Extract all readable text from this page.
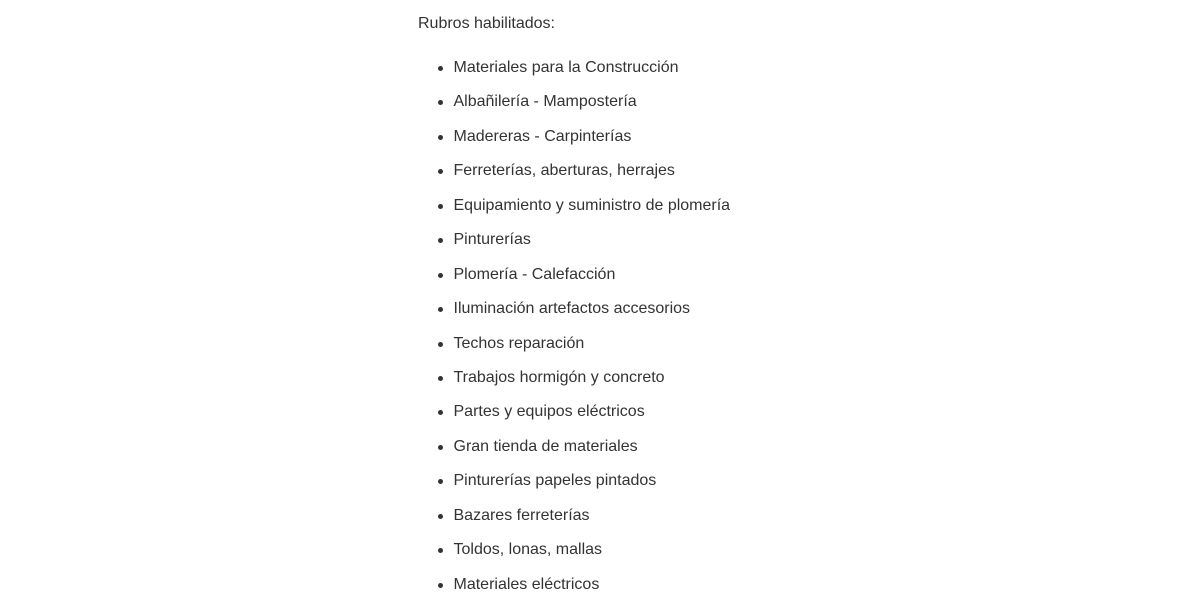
Rubros habilitados:

Materiales para la Construcción
Albañilería - Mampostería
Madereras - Carpinterías
Ferreterías, aberturas, herrajes
Equipamiento y suministro de plomería
Pinturerías
Plomería - Calefacción
Iluminación artefactos accesorios
Techos reparación
Trabajos hormigón y concreto
Partes y equipos eléctricos
Gran tienda de materiales
Pinturerías papeles pintados
Bazares ferreterías
Toldos, lonas, mallas
Materiales eléctricos
